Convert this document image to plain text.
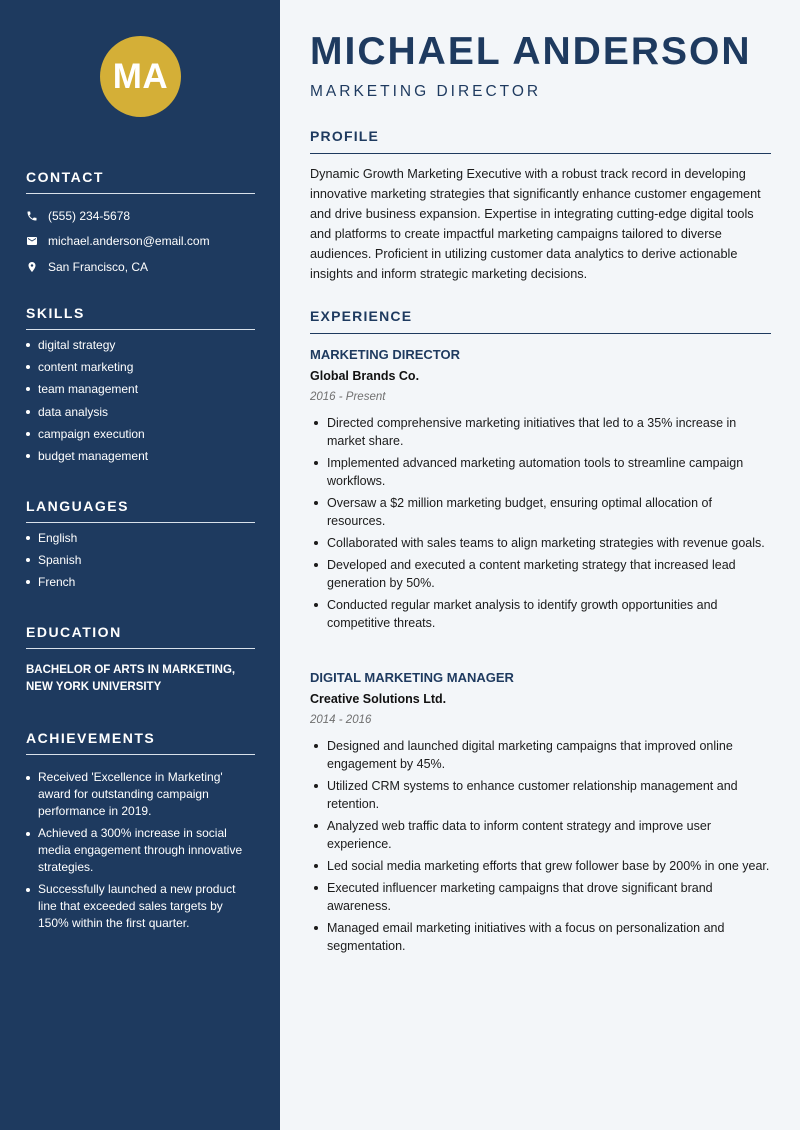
MA
CONTACT
(555) 234-5678
michael.anderson@email.com
San Francisco, CA
SKILLS
digital strategy
content marketing
team management
data analysis
campaign execution
budget management
LANGUAGES
English
Spanish
French
EDUCATION
BACHELOR OF ARTS IN MARKETING, NEW YORK UNIVERSITY
ACHIEVEMENTS
Received 'Excellence in Marketing' award for outstanding campaign performance in 2019.
Achieved a 300% increase in social media engagement through innovative strategies.
Successfully launched a new product line that exceeded sales targets by 150% within the first quarter.
MICHAEL ANDERSON
MARKETING DIRECTOR
PROFILE

Dynamic Growth Marketing Executive with a robust track record in developing innovative marketing strategies that significantly enhance customer engagement and drive business expansion. Expertise in integrating cutting-edge digital tools and platforms to create impactful marketing campaigns tailored to diverse audiences. Proficient in utilizing customer data analytics to derive actionable insights and inform strategic marketing decisions.

EXPERIENCE
MARKETING DIRECTOR
Global Brands Co.
2016 - Present
Directed comprehensive marketing initiatives that led to a 35% increase in market share.
Implemented advanced marketing automation tools to streamline campaign workflows.
Oversaw a $2 million marketing budget, ensuring optimal allocation of resources.
Collaborated with sales teams to align marketing strategies with revenue goals.
Developed and executed a content marketing strategy that increased lead generation by 50%.
Conducted regular market analysis to identify growth opportunities and competitive threats.
DIGITAL MARKETING MANAGER
Creative Solutions Ltd.
2014 - 2016
Designed and launched digital marketing campaigns that improved online engagement by 45%.
Utilized CRM systems to enhance customer relationship management and retention.
Analyzed web traffic data to inform content strategy and improve user experience.
Led social media marketing efforts that grew follower base by 200% in one year.
Executed influencer marketing campaigns that drove significant brand awareness.
Managed email marketing initiatives with a focus on personalization and segmentation.
